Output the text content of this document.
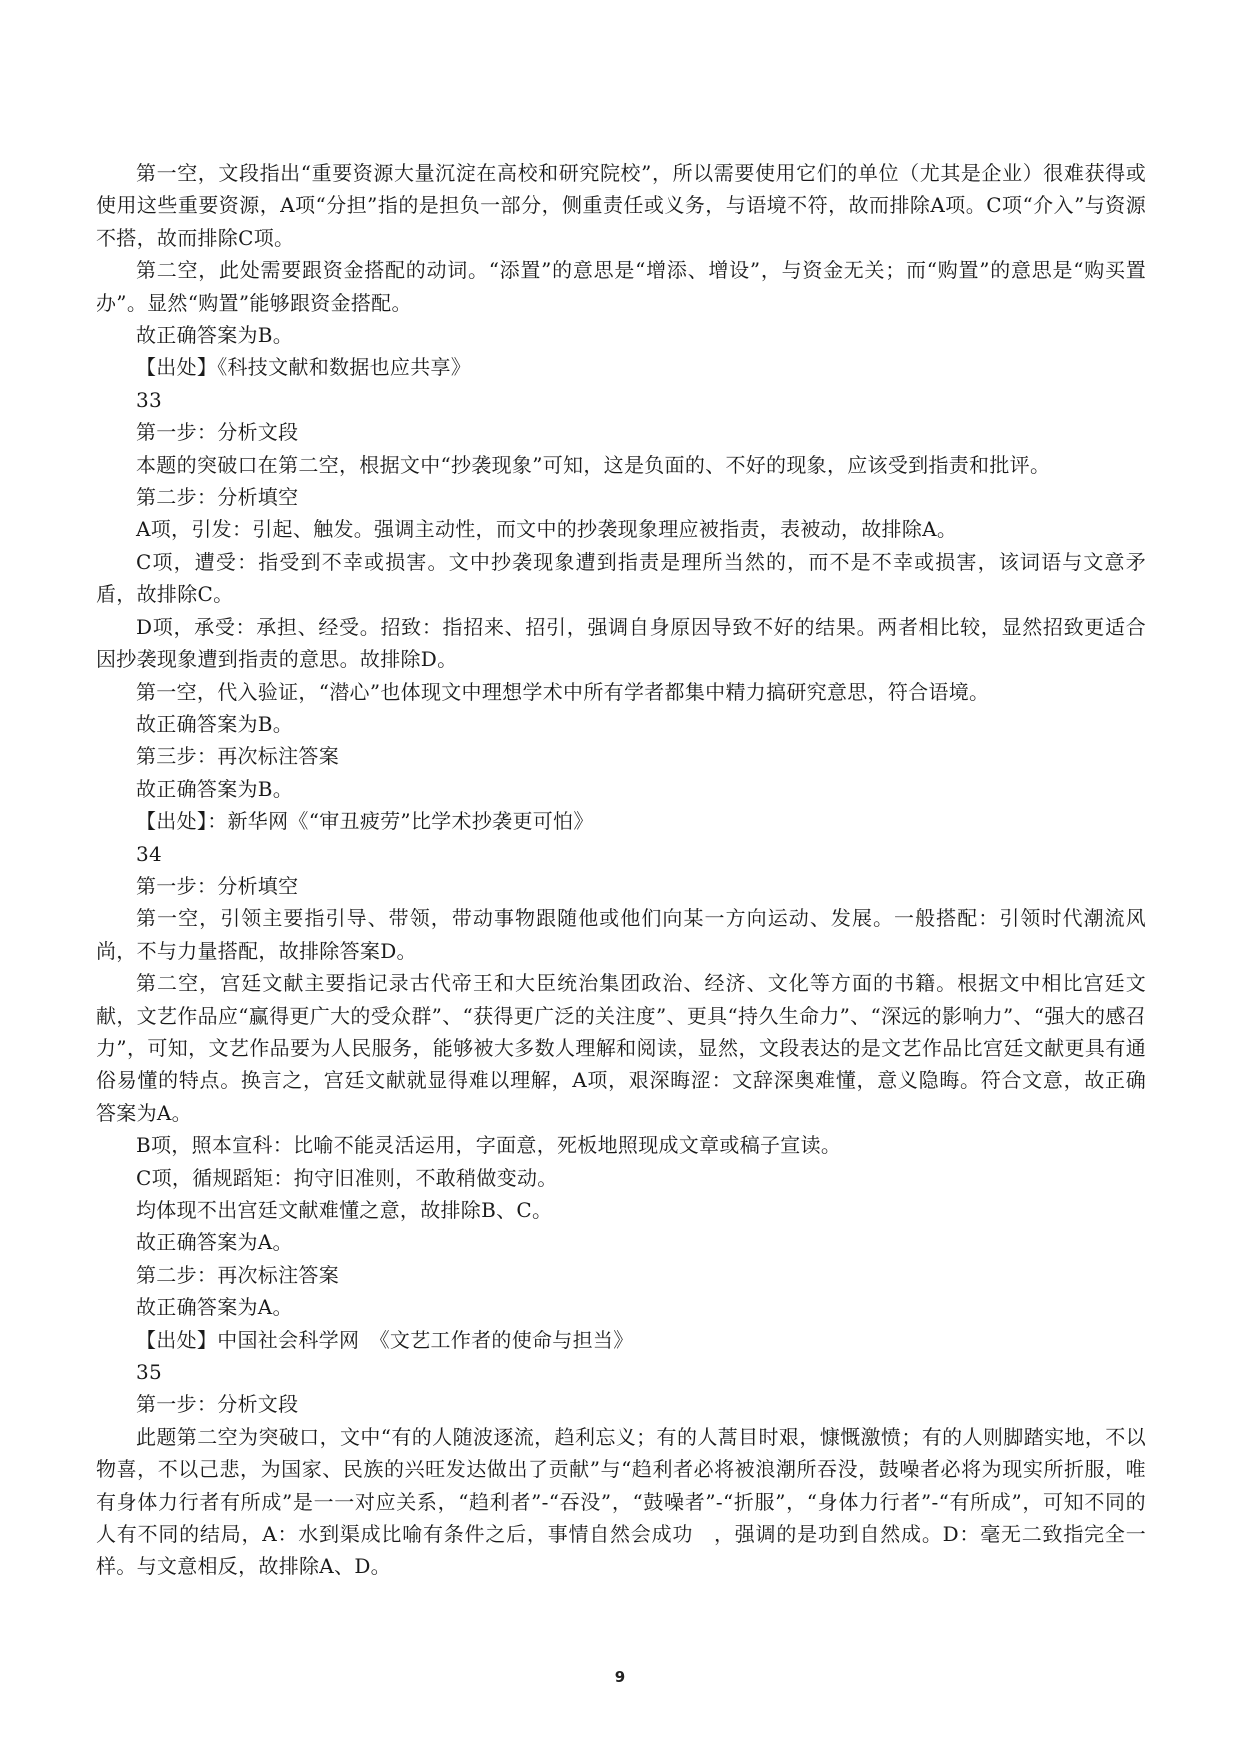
第一空，文段指出“重要资源大量沉淀在高校和研究院校”，所以需要使用它们的单位（尤其是企业）很难获得或使用这些重要资源，A项“分担”指的是担负一部分，侧重责任或义务，与语境不符，故而排除A项。C项“介入”与资源不搭，故而排除C项。

第二空，此处需要跟资金搭配的动词。“添置”的意思是“增添、增设”，与资金无关；而“购置”的意思是“购买置办”。显然“购置”能够跟资金搭配。

故正确答案为B。

【出处】《科技文献和数据也应共享》

33

第一步：分析文段

本题的突破口在第二空，根据文中“抄袭现象”可知，这是负面的、不好的现象，应该受到指责和批评。

第二步：分析填空

A项，引发：引起、触发。强调主动性，而文中的抄袭现象理应被指责，表被动，故排除A。

C项，遭受：指受到不幸或损害。文中抄袭现象遭到指责是理所当然的，而不是不幸或损害，该词语与文意矛盾，故排除C。

D项，承受：承担、经受。招致：指招来、招引，强调自身原因导致不好的结果。两者相比较，显然招致更适合因抄袭现象遭到指责的意思。故排除D。

第一空，代入验证，“潜心”也体现文中理想学术中所有学者都集中精力搞研究意思，符合语境。

故正确答案为B。

第三步：再次标注答案

故正确答案为B。

【出处】：新华网《“审丑疲劳”比学术抄袭更可怕》

34

第一步：分析填空

第一空，引领主要指引导、带领，带动事物跟随他或他们向某一方向运动、发展。一般搭配：引领时代潮流风尚，不与力量搭配，故排除答案D。

第二空，宫廷文献主要指记录古代帝王和大臣统治集团政治、经济、文化等方面的书籍。根据文中相比宫廷文献，文艺作品应“赢得更广大的受众群”、“获得更广泛的关注度”、更具“持久生命力”、“深远的影响力”、“强大的感召力”，可知，文艺作品要为人民服务，能够被大多数人理解和阅读，显然，文段表达的是文艺作品比宫廷文献更具有通俗易懂的特点。换言之，宫廷文献就显得难以理解，A项，艰深晦涩：文辞深奥难懂，意义隐晦。符合文意，故正确答案为A。

B项，照本宣科：比喻不能灵活运用，字面意，死板地照现成文章或稿子宣读。

C项，循规蹈矩：拘守旧准则，不敢稍做变动。

均体现不出宫廷文献难懂之意，故排除B、C。

故正确答案为A。

第二步：再次标注答案

故正确答案为A。

【出处】中国社会科学网　《文艺工作者的使命与担当》

35

第一步：分析文段

此题第二空为突破口，文中“有的人随波逐流，趋利忘义；有的人蒿目时艰，慷慨激愤；有的人则脚踏实地，不以物喜，不以己悲，为国家、民族的兴旺发达做出了贡献”与“趋利者必将被浪潮所吞没，鼓噪者必将为现实所折服，唯有身体力行者有所成”是一一对应关系，“趋利者”-“吞没”，“鼓噪者”-“折服”，“身体力行者”-“有所成”，可知不同的人有不同的结局，A：水到渠成比喻有条件之后，事情自然会成功　，强调的是功到自然成。D：毫无二致指完全一样。与文意相反，故排除A、D。

9
